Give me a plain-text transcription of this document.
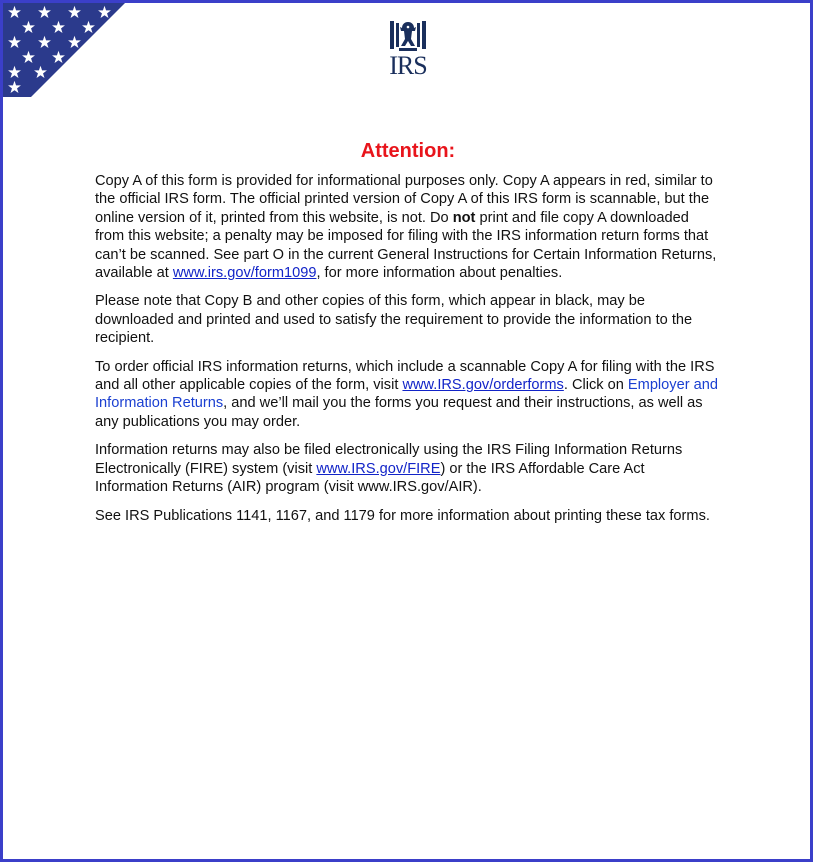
IRS
Attention:

Copy A of this form is provided for informational purposes only. Copy A appears in red, similar to the official IRS form. The official printed version of Copy A of this IRS form is scannable, but the online version of it, printed from this website, is not. Do not print and file copy A downloaded from this website; a penalty may be imposed for filing with the IRS information return forms that can’t be scanned. See part O in the current General Instructions for Certain Information Returns, available at www.irs.gov/form1099, for more information about penalties.

Please note that Copy B and other copies of this form, which appear in black, may be downloaded and printed and used to satisfy the requirement to provide the information to the recipient.

To order official IRS information returns, which include a scannable Copy A for filing with the IRS and all other applicable copies of the form, visit www.IRS.gov/orderforms. Click on Employer and Information Returns, and we’ll mail you the forms you request and their instructions, as well as any publications you may order.

Information returns may also be filed electronically using the IRS Filing Information Returns Electronically (FIRE) system (visit www.IRS.gov/FIRE) or the IRS Affordable Care Act Information Returns (AIR) program (visit www.IRS.gov/AIR).

See IRS Publications 1141, 1167, and 1179 for more information about printing these tax forms.
